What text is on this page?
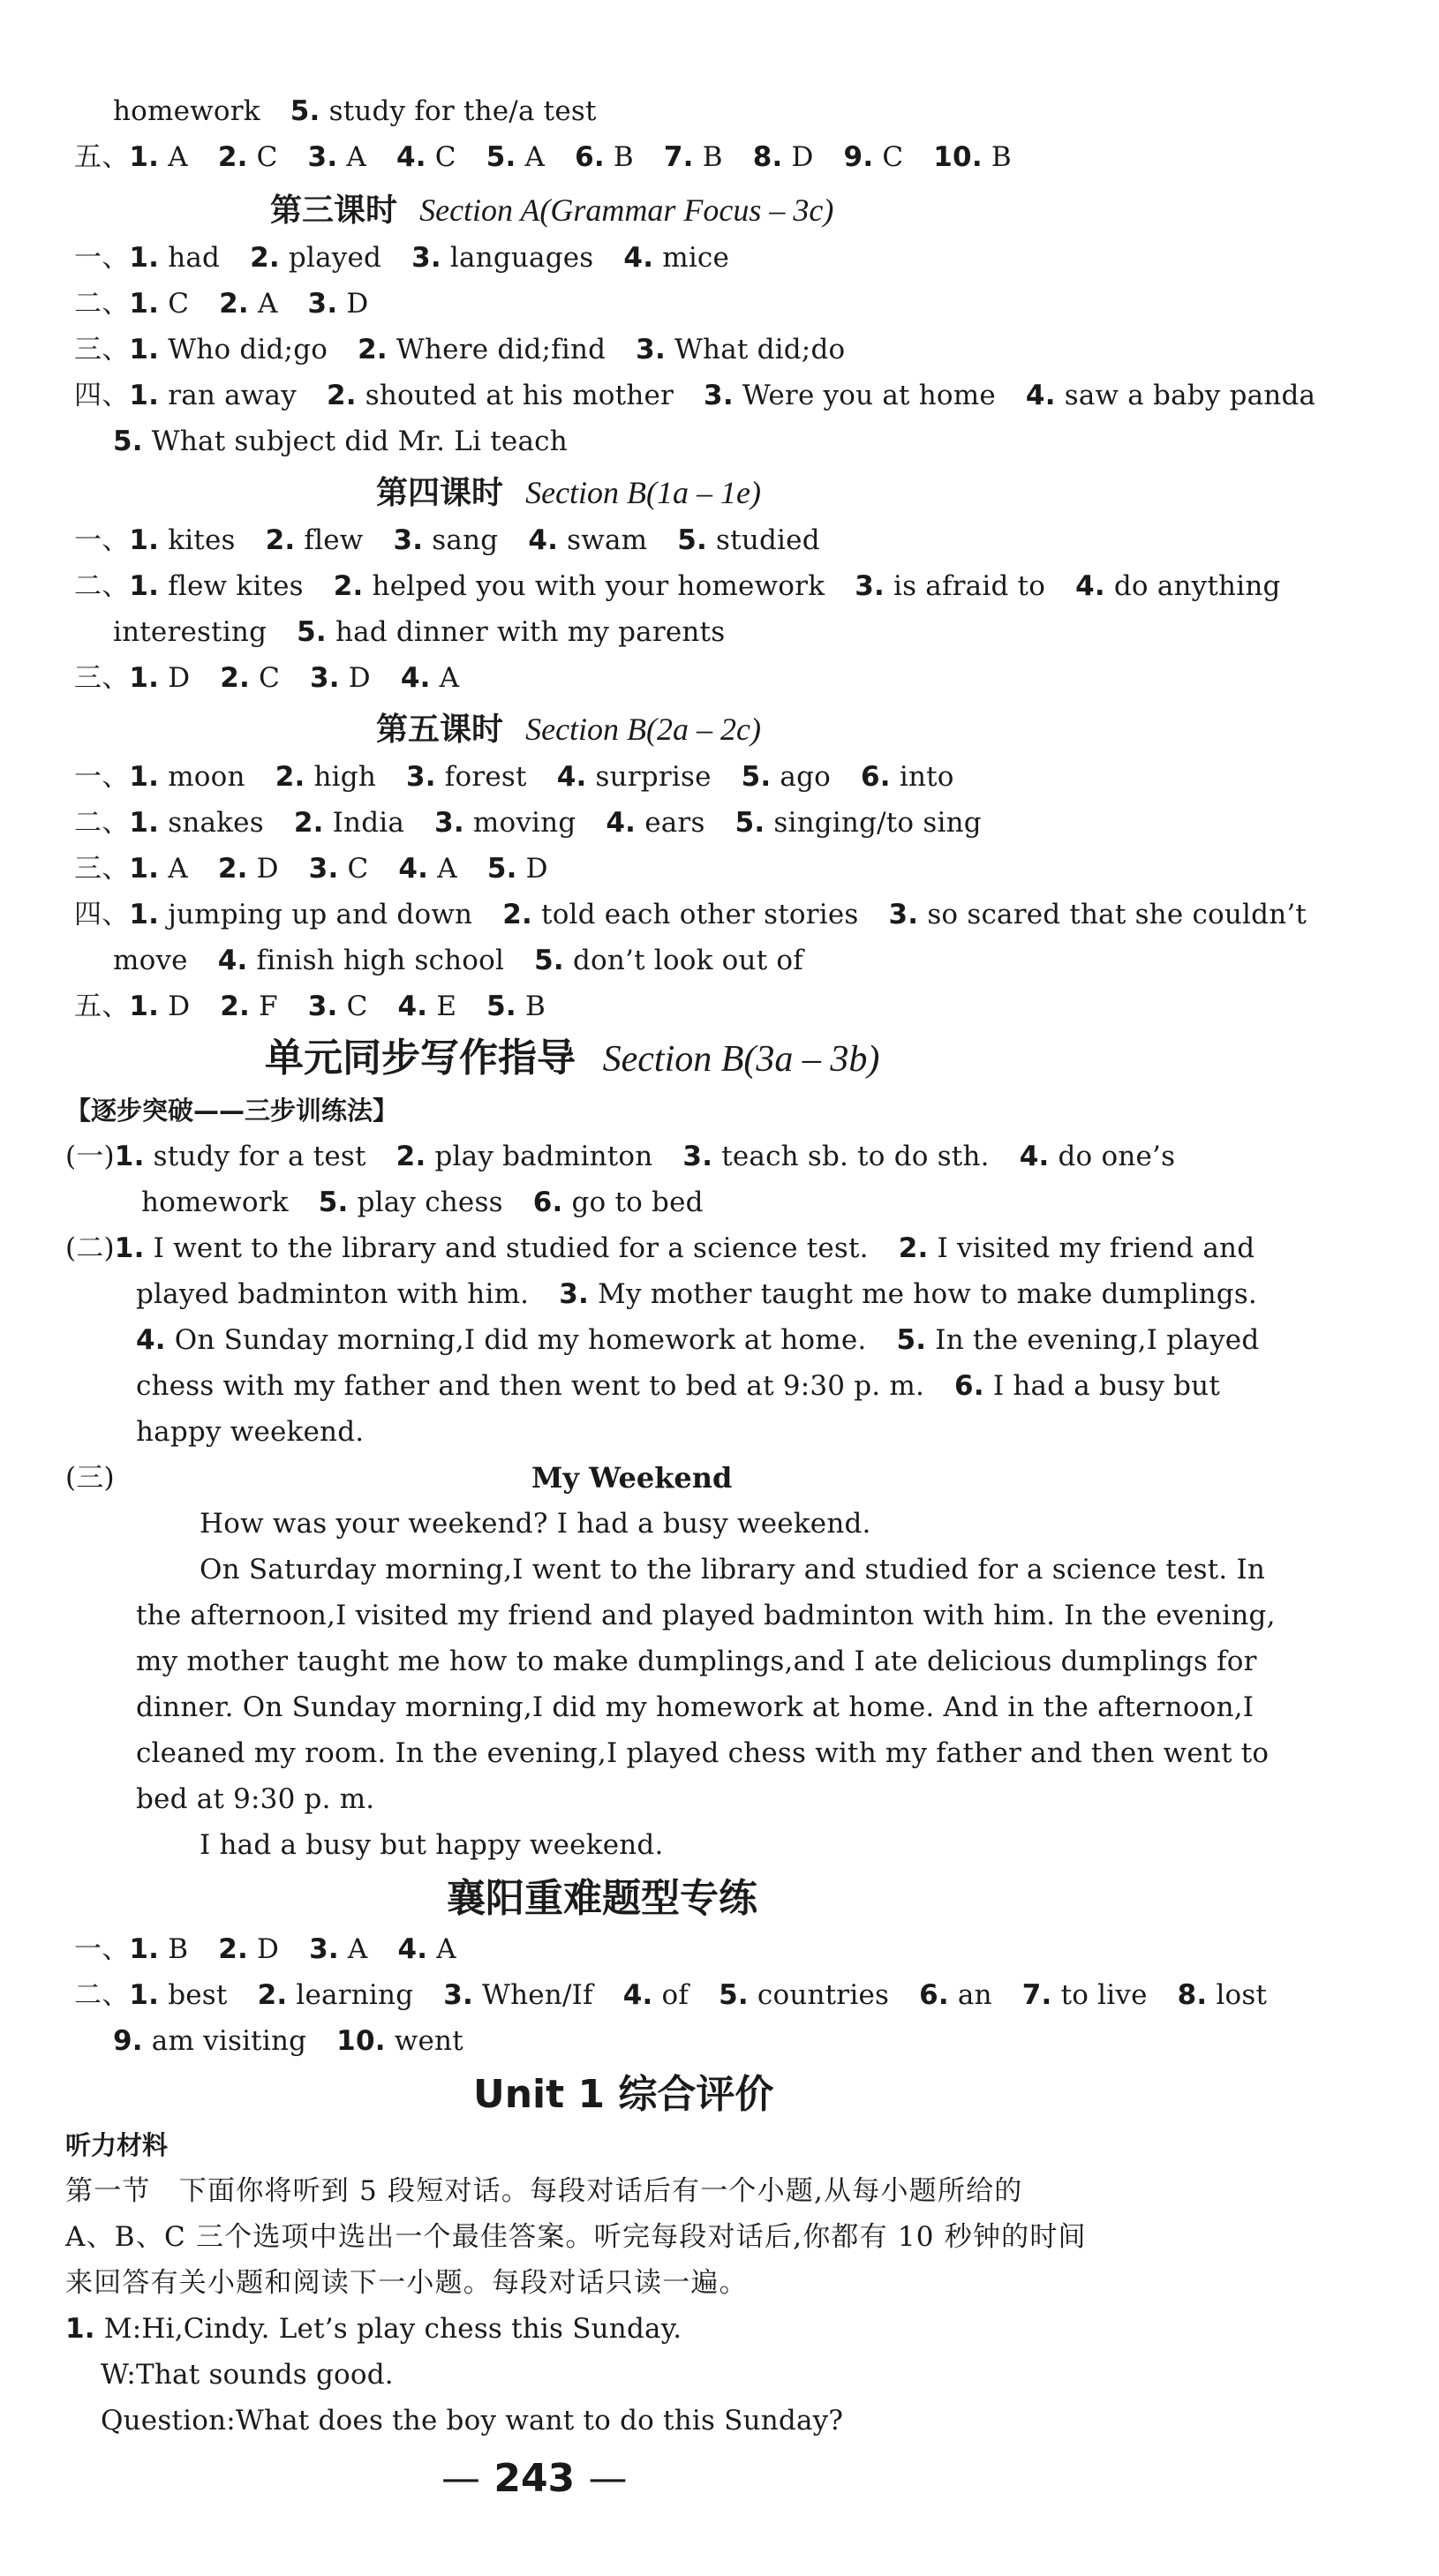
homework 5. study for the/a test
五、1. A 2. C 3. A 4. C 5. A 6. B 7. B 8. D 9. C 10. B
第三课时 Section A(Grammar Focus – 3c)
一、1. had 2. played 3. languages 4. mice
二、1. C 2. A 3. D
三、1. Who did;go 2. Where did;find 3. What did;do
四、1. ran away 2. shouted at his mother 3. Were you at home 4. saw a baby panda
5. What subject did Mr. Li teach
第四课时 Section B(1a – 1e)
一、1. kites 2. flew 3. sang 4. swam 5. studied
二、1. flew kites 2. helped you with your homework 3. is afraid to 4. do anything
interesting 5. had dinner with my parents
三、1. D 2. C 3. D 4. A
第五课时 Section B(2a – 2c)
一、1. moon 2. high 3. forest 4. surprise 5. ago 6. into
二、1. snakes 2. India 3. moving 4. ears 5. singing/to sing
三、1. A 2. D 3. C 4. A 5. D
四、1. jumping up and down 2. told each other stories 3. so scared that she couldn’t
move 4. finish high school 5. don’t look out of
五、1. D 2. F 3. C 4. E 5. B
单元同步写作指导 Section B(3a – 3b)
【逐步突破——三步训练法】
(一)1. study for a test 2. play badminton 3. teach sb. to do sth. 4. do one’s
homework 5. play chess 6. go to bed
(二)1. I went to the library and studied for a science test. 2. I visited my friend and
played badminton with him. 3. My mother taught me how to make dumplings.
4. On Sunday morning,I did my homework at home. 5. In the evening,I played
chess with my father and then went to bed at 9:30 p. m. 6. I had a busy but
happy weekend.
(三)	My Weekend
How was your weekend? I had a busy weekend.
On Saturday morning,I went to the library and studied for a science test. In
the afternoon,I visited my friend and played badminton with him. In the evening,
my mother taught me how to make dumplings,and I ate delicious dumplings for
dinner. On Sunday morning,I did my homework at home. And in the afternoon,I
cleaned my room. In the evening,I played chess with my father and then went to
bed at 9:30 p. m.
I had a busy but happy weekend.
襄阳重难题型专练
一、1. B 2. D 3. A 4. A
二、1. best 2. learning 3. When/If 4. of 5. countries 6. an 7. to live 8. lost
9. am visiting 10. went
Unit 1 综合评价
听力材料
第一节　下面你将听到 5 段短对话。每段对话后有一个小题,从每小题所给的
A、B、C 三个选项中选出一个最佳答案。听完每段对话后,你都有 10 秒钟的时间
来回答有关小题和阅读下一小题。每段对话只读一遍。
1. M:Hi,Cindy. Let’s play chess this Sunday.
W:That sounds good.
Question:What does the boy want to do this Sunday?
— 243 —
